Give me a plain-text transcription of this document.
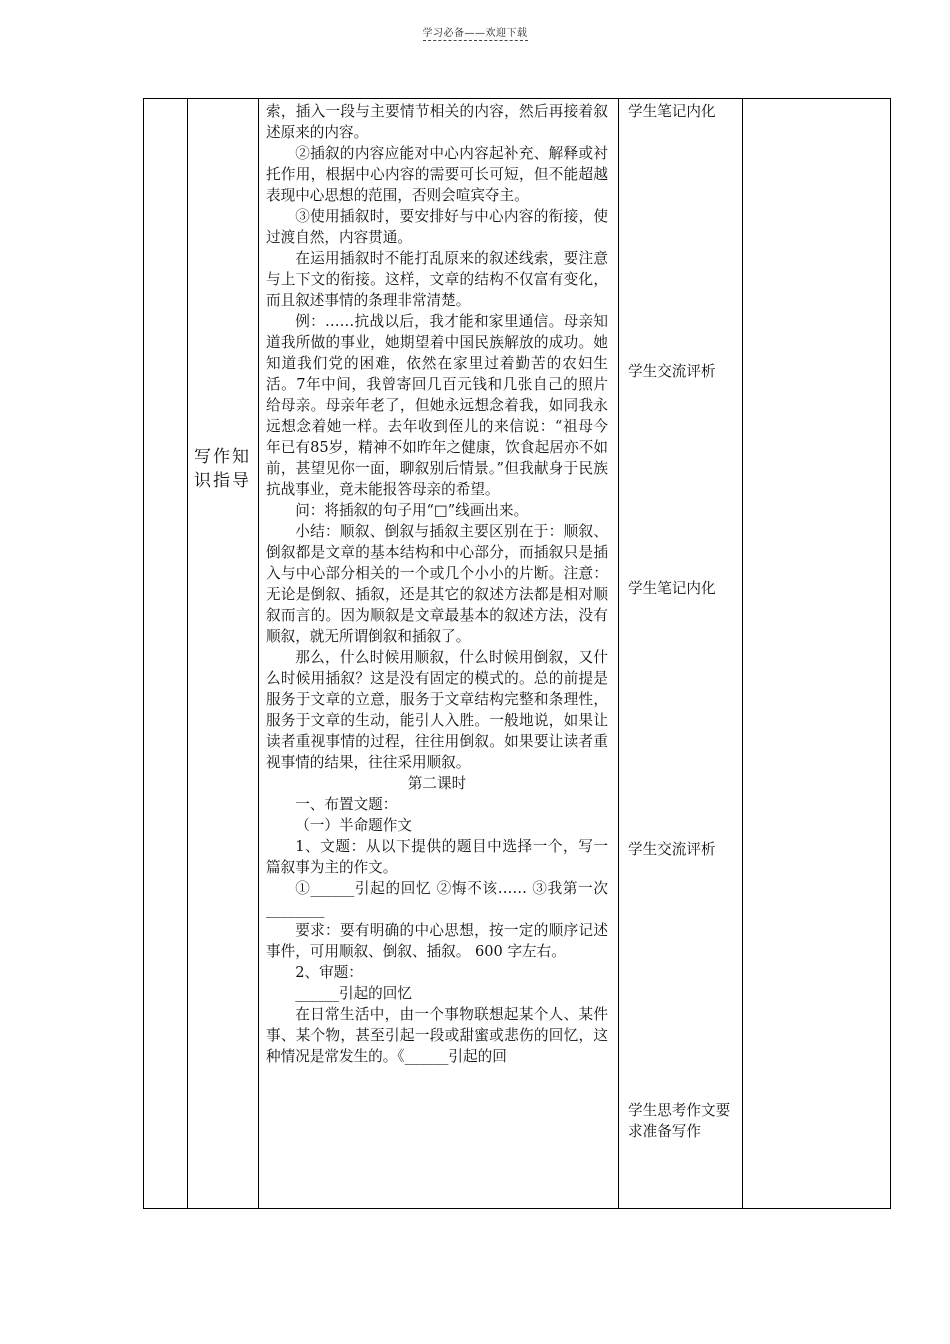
学习必备——欢迎下载
写作知识指导

索，插入一段与主要情节相关的内容，然后再接着叙述原来的内容。

②插叙的内容应能对中心内容起补充、解释或衬托作用，根据中心内容的需要可长可短，但不能超越表现中心思想的范围，否则会喧宾夺主。

③使用插叙时，要安排好与中心内容的衔接，使过渡自然，内容贯通。

在运用插叙时不能打乱原来的叙述线索，要注意与上下文的衔接。这样，文章的结构不仅富有变化，而且叙述事情的条理非常清楚。

例：……抗战以后，我才能和家里通信。母亲知道我所做的事业，她期望着中国民族解放的成功。她知道我们党的困难，依然在家里过着勤苦的农妇生活。7年中间，我曾寄回几百元钱和几张自己的照片给母亲。母亲年老了，但她永远想念着我，如同我永远想念着她一样。去年收到侄儿的来信说：“祖母今年已有85岁，精神不如昨年之健康，饮食起居亦不如前，甚望见你一面，聊叙别后情景。”但我献身于民族抗战事业，竟未能报答母亲的希望。

问：将插叙的句子用“□”线画出来。

小结：顺叙、倒叙与插叙主要区别在于：顺叙、倒叙都是文章的基本结构和中心部分，而插叙只是插入与中心部分相关的一个或几个小小的片断。注意：无论是倒叙、插叙，还是其它的叙述方法都是相对顺叙而言的。因为顺叙是文章最基本的叙述方法，没有顺叙，就无所谓倒叙和插叙了。

那么，什么时候用顺叙，什么时候用倒叙，又什么时候用插叙？这是没有固定的模式的。总的前提是服务于文章的立意，服务于文章结构完整和条理性，服务于文章的生动，能引人入胜。一般地说，如果让读者重视事情的过程，往往用倒叙。如果要让读者重视事情的结果，往往采用顺叙。

第二课时

一、布置文题：

（一）半命题作文

1、文题：从以下提供的题目中选择一个，写一篇叙事为主的作文。

①______引起的回忆 ②悔不该…… ③我第一次________

要求：要有明确的中心思想，按一定的顺序记述事件，可用顺叙、倒叙、插叙。 600 字左右。

2、审题：

______引起的回忆

在日常生活中，由一个事物联想起某个人、某件事、某个物，甚至引起一段或甜蜜或悲伤的回忆，这种情况是常发生的。《______引起的回

学生笔记内化
学生交流评析
学生笔记内化
学生交流评析
学生思考作文要求准备写作
